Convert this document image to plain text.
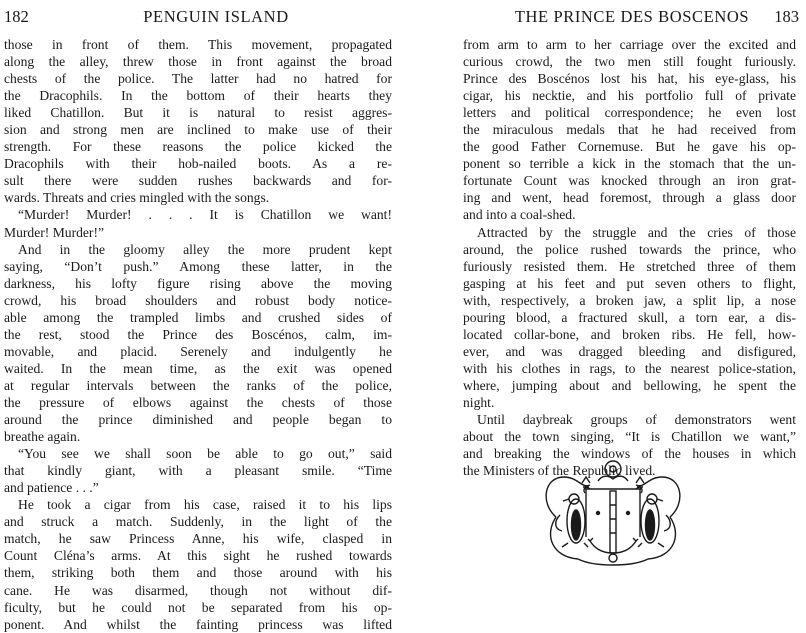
182	PENGUIN ISLAND
those in front of them. This movement, propagated
along the alley, threw those in front against the broad
chests of the police. The latter had no hatred for
the Dracophils. In the bottom of their hearts they
liked Chatillon. But it is natural to resist aggres-
sion and strong men are inclined to make use of their
strength. For these reasons the police kicked the
Dracophils with their hob-nailed boots. As a re-
sult there were sudden rushes backwards and for-
wards. Threats and cries mingled with the songs.
“Murder! Murder! . . . It is Chatillon we want!
Murder! Murder!”
And in the gloomy alley the more prudent kept
saying, “Don’t push.” Among these latter, in the
darkness, his lofty figure rising above the moving
crowd, his broad shoulders and robust body notice-
able among the trampled limbs and crushed sides of
the rest, stood the Prince des Boscénos, calm, im-
movable, and placid. Serenely and indulgently he
waited. In the mean time, as the exit was opened
at regular intervals between the ranks of the police,
the pressure of elbows against the chests of those
around the prince diminished and people began to
breathe again.
“You see we shall soon be able to go out,” said
that kindly giant, with a pleasant smile. “Time
and patience . . .”
He took a cigar from his case, raised it to his lips
and struck a match. Suddenly, in the light of the
match, he saw Princess Anne, his wife, clasped in
Count Cléna’s arms. At this sight he rushed towards
them, striking both them and those around with his
cane. He was disarmed, though not without dif-
ficulty, but he could not be separated from his op-
ponent. And whilst the fainting princess was lifted
THE PRINCE DES BOSCENOS	183
from arm to arm to her carriage over the excited and
curious crowd, the two men still fought furiously.
Prince des Boscénos lost his hat, his eye-glass, his
cigar, his necktie, and his portfolio full of private
letters and political correspondence; he even lost
the miraculous medals that he had received from
the good Father Cornemuse. But he gave his op-
ponent so terrible a kick in the stomach that the un-
fortunate Count was knocked through an iron grat-
ing and went, head foremost, through a glass door
and into a coal-shed.
Attracted by the struggle and the cries of those
around, the police rushed towards the prince, who
furiously resisted them. He stretched three of them
gasping at his feet and put seven others to flight,
with, respectively, a broken jaw, a split lip, a nose
pouring blood, a fractured skull, a torn ear, a dis-
located collar-bone, and broken ribs. He fell, how-
ever, and was dragged bleeding and disfigured,
with his clothes in rags, to the nearest police-station,
where, jumping about and bellowing, he spent the
night.
Until daybreak groups of demonstrators went
about the town singing, “It is Chatillon we want,”
and breaking the windows of the houses in which
the Ministers of the Republic lived.
